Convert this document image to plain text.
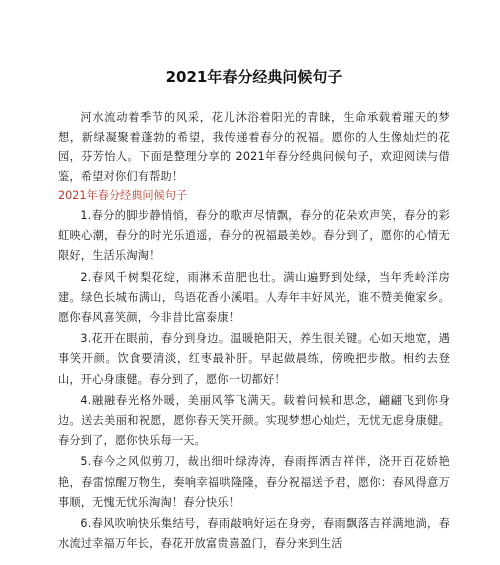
2021年春分经典问候句子

河水流动着季节的风采，花儿沐浴着阳光的青睐，生命承载着璀天的梦想，新绿凝聚着蓬勃的希望，我传递着春分的祝福。愿你的人生像灿烂的花园，芬芳怡人。下面是整理分享的 2021年春分经典问候句子，欢迎阅读与借鉴，希望对你们有帮助！

2021年春分经典问候句子

1.春分的脚步静悄悄，春分的歌声尽情飘，春分的花朵欢声笑，春分的彩虹映心潮，春分的时光乐逍遥，春分的祝福最美妙。春分到了，愿你的心情无限好，生活乐淘淘！

2.春风千树梨花绽，雨淋禾苗肥也壮。满山遍野到处绿，当年秃岭洋房建。绿色长城布满山，鸟语花香小溪唱。人寿年丰好风光，谁不赞美俺家乡。愿你春风喜笑颜，今非昔比富泰康！

3.花开在眼前，春分到身边。温暖艳阳天，养生很关键。心如天地宽，遇事笑开颜。饮食要清淡，红枣最补肝。早起做晨练，傍晚把步散。相约去登山，开心身康健。春分到了，愿你一切都好！

4.融融春光格外暖，美丽风筝飞满天。载着问候和思念，翩翩飞到你身边。送去美丽和祝愿，愿你春天笑开颜。实现梦想心灿烂，无忧无虑身康健。春分到了，愿你快乐每一天。

5.春今之风似剪刀，裁出细叶绿涛涛，春雨挥洒吉祥伴，浇开百花娇艳艳，春雷惊醒万物生，奏响幸福哄隆隆，春分祝福送予君，愿你：春风得意万事顺，无愧无忧乐淘淘！春分快乐！

6.春风吹响快乐集结号，春雨敲响好运在身旁，春雨飘落吉祥满地淌，春水流过幸福万年长，春花开放富贵喜盈门，春分来到生活
